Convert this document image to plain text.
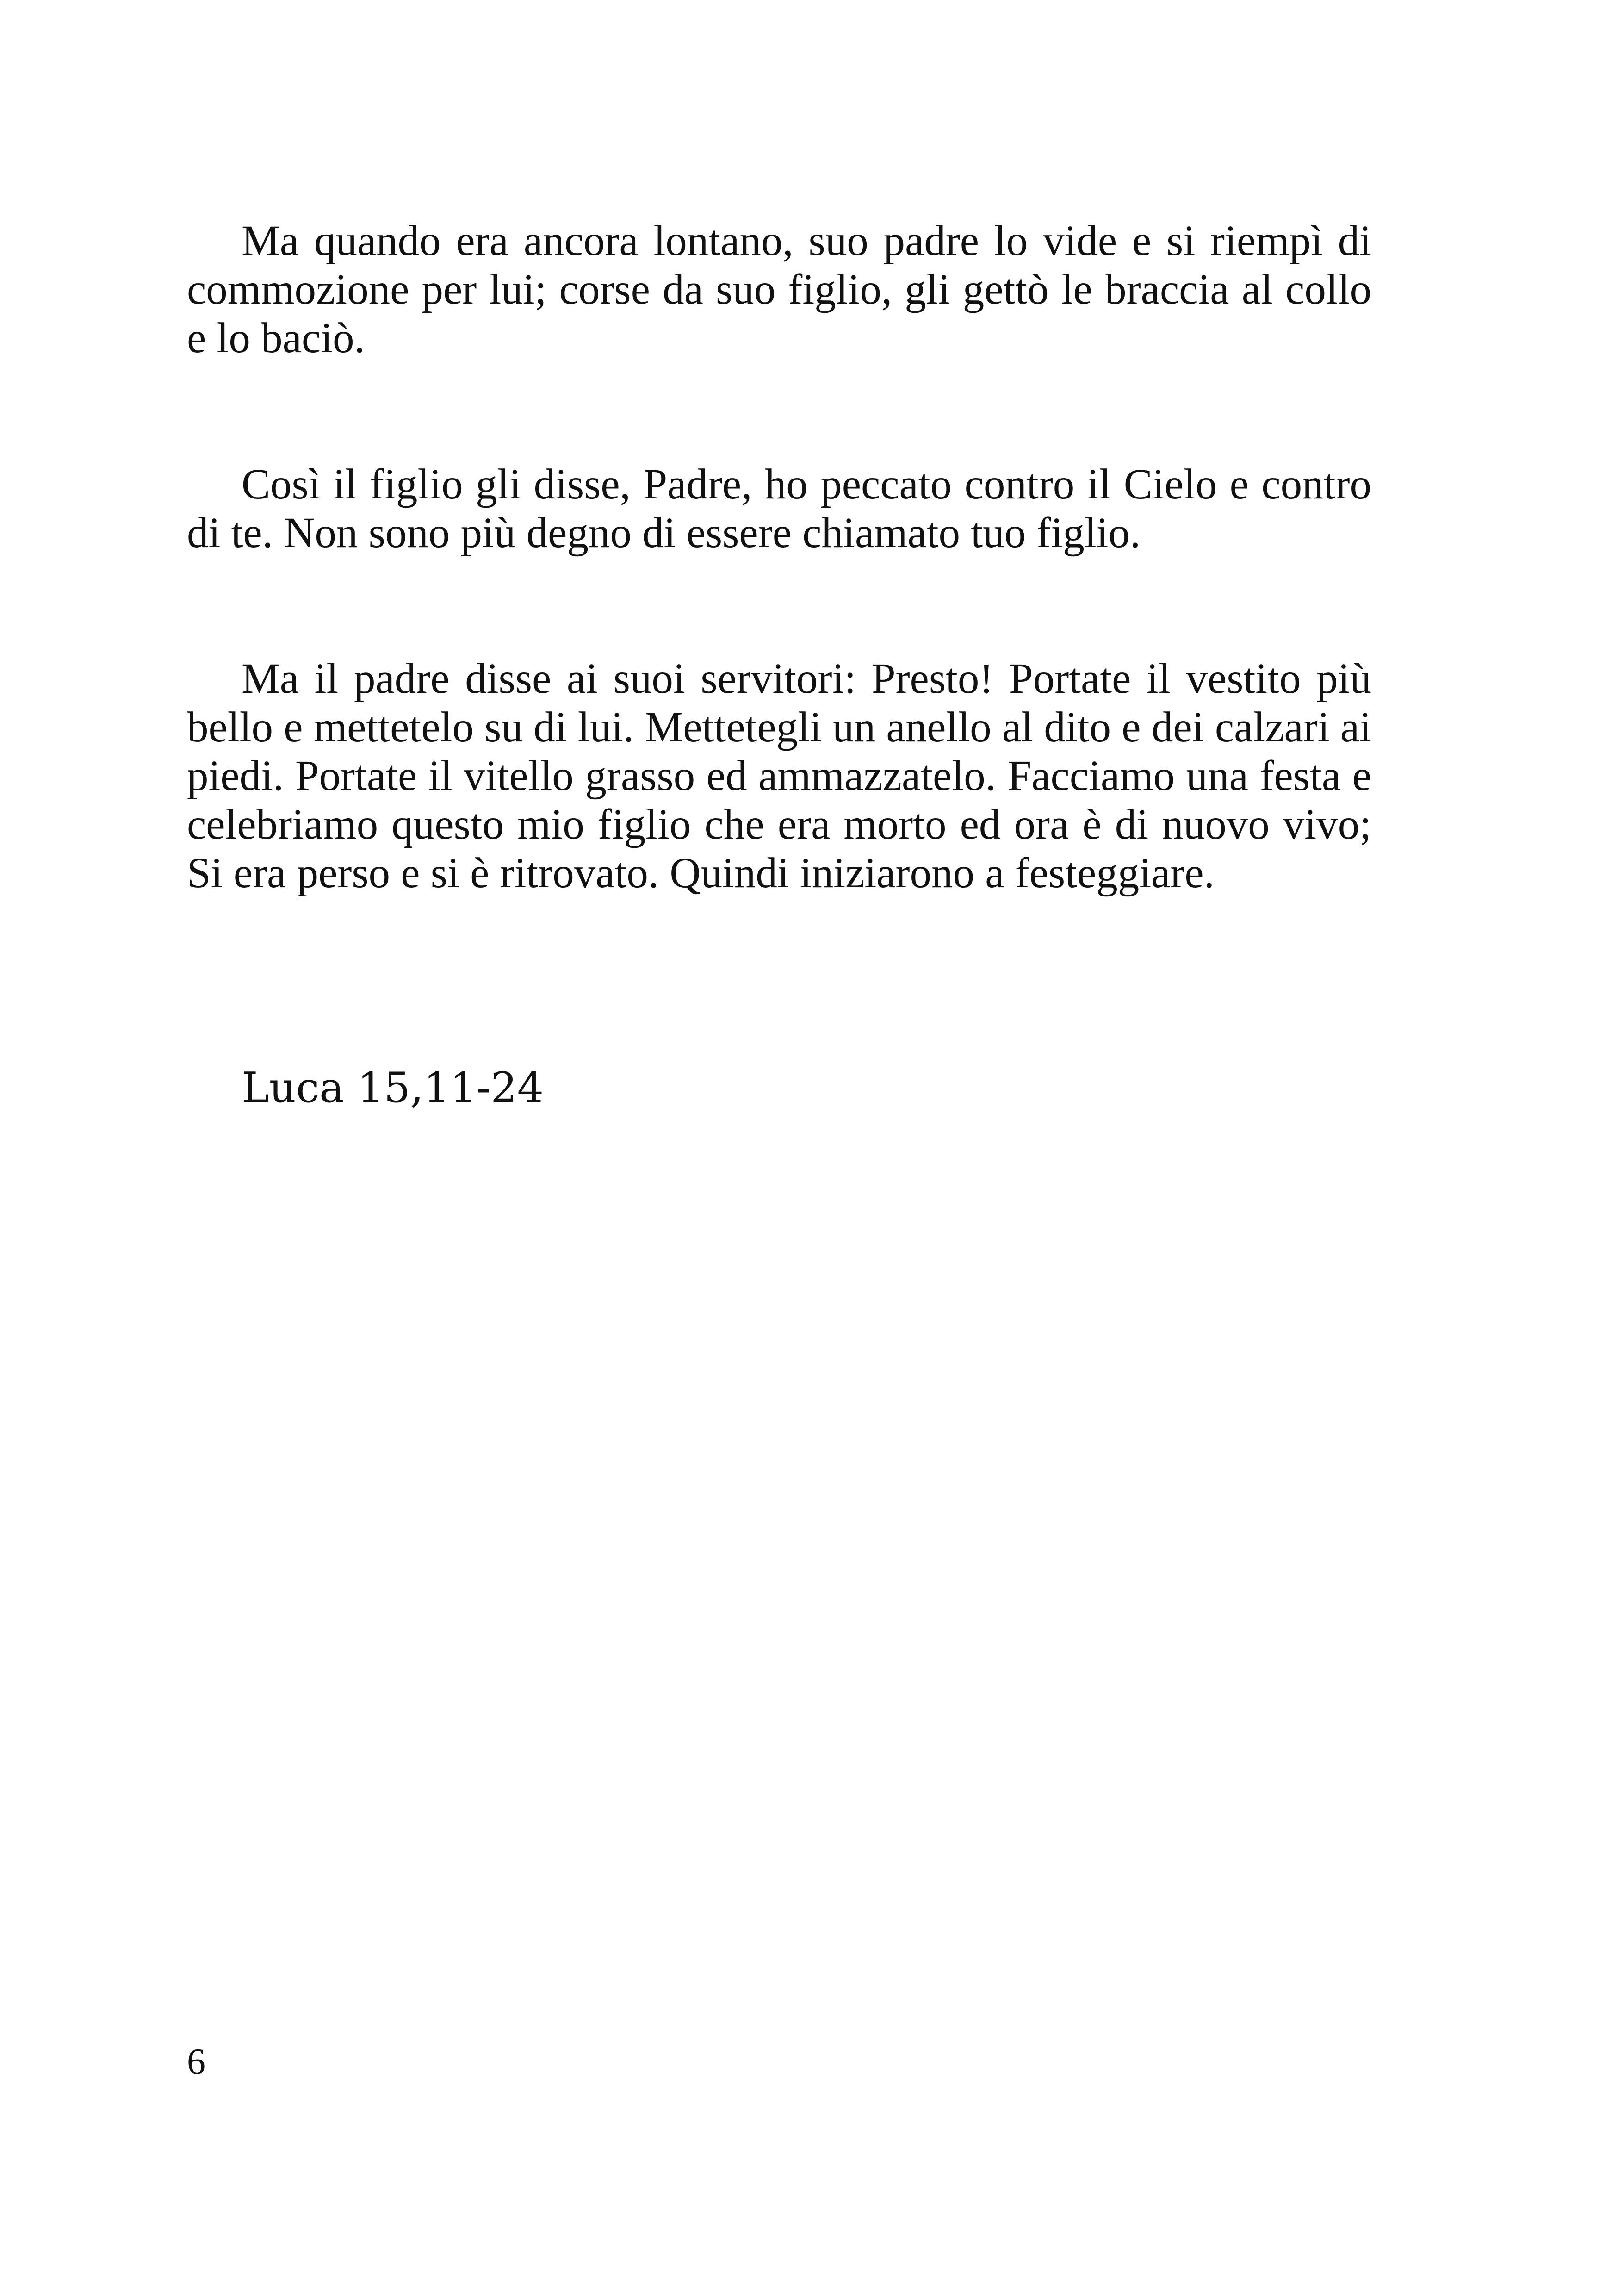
Ma quando era ancora lontano, suo padre lo vide e si riempì di commozione per lui; corse da suo figlio, gli gettò le braccia al collo e lo baciò.

Così il figlio gli disse, Padre, ho peccato contro il Cielo e contro di te. Non sono più degno di essere chiamato tuo figlio.

Ma il padre disse ai suoi servitori: Presto! Portate il vestito più bello e mettetelo su di lui. Mettetegli un anello al dito e dei calzari ai piedi. Portate il vitello grasso ed ammazzatelo. Facciamo una festa e celebriamo questo mio figlio che era morto ed ora è di nuovo vivo; Si era perso e si è ritrovato. Quindi iniziarono a festeggiare.

Luca 15,11-24

6
